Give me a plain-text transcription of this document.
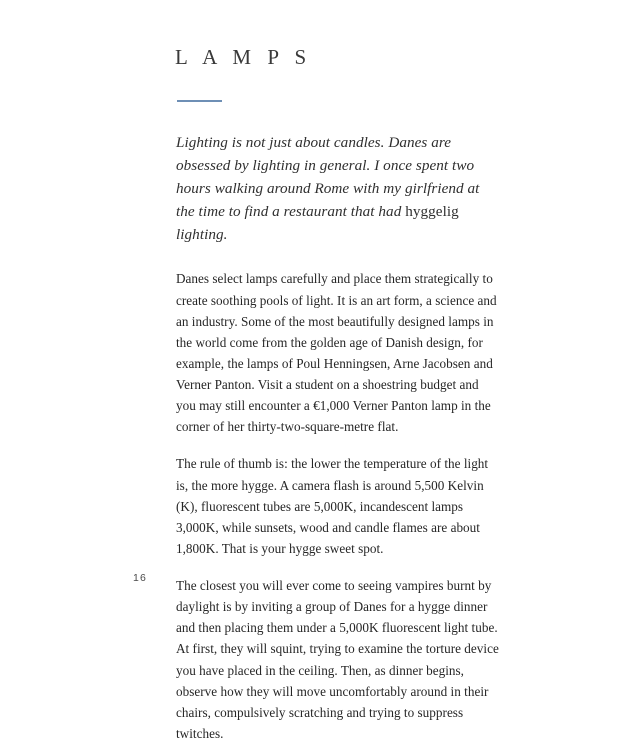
L A M P S

Lighting is not just about candles. Danes are obsessed by lighting in general. I once spent two hours walking around Rome with my girlfriend at the time to find a restaurant that had hyggelig lighting.

Danes select lamps carefully and place them strategically to create soothing pools of light. It is an art form, a science and an industry. Some of the most beautifully designed lamps in the world come from the golden age of Danish design, for example, the lamps of Poul Henningsen, Arne Jacobsen and Verner Panton. Visit a student on a shoestring budget and you may still encounter a €1,000 Verner Panton lamp in the corner of her thirty-two-square-metre flat.

The rule of thumb is: the lower the temperature of the light is, the more hygge. A camera flash is around 5,500 Kelvin (K), fluorescent tubes are 5,000K, incandescent lamps 3,000K, while sunsets, wood and candle flames are about 1,800K. That is your hygge sweet spot.

The closest you will ever come to seeing vampires burnt by daylight is by inviting a group of Danes for a hygge dinner and then placing them under a 5,000K fluorescent light tube. At first, they will squint, trying to examine the torture device you have placed in the ceiling. Then, as dinner begins, observe how they will move uncomfortably around in their chairs, compulsively scratching and trying to suppress twitches.

16
